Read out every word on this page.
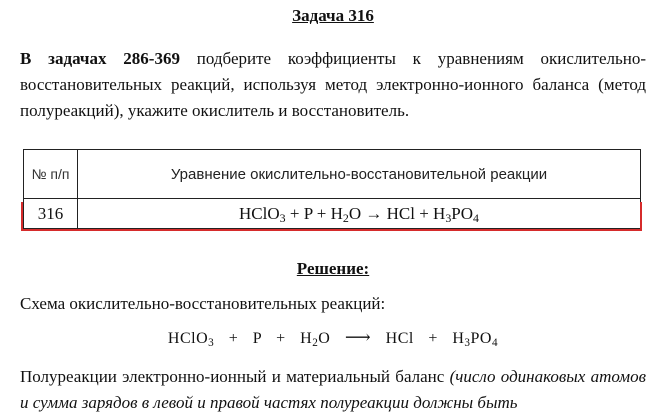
Задача 316
В задачах 286-369 подберите коэффициенты к уравнениям окислительно-восстановительных реакций, используя метод электронно-ионного баланса (метод полуреакций), укажите окислитель и восстановитель.
№ п/п	Уравнение окислительно-восстановительной реакции
316	HClO$_3$ + $P + H_2O$ → HCl + $H_3PO_4$
Решение:
Схема окислительно-восстановительных реакций:
HClO$_3$ + $P + H_2O$ ⟶ HCl + $H_3PO_4$
Полуреакции электронно-ионный и материальный баланс (число одинаковых атомов и сумма зарядов в левой и правой частях полуреакции должны быть
